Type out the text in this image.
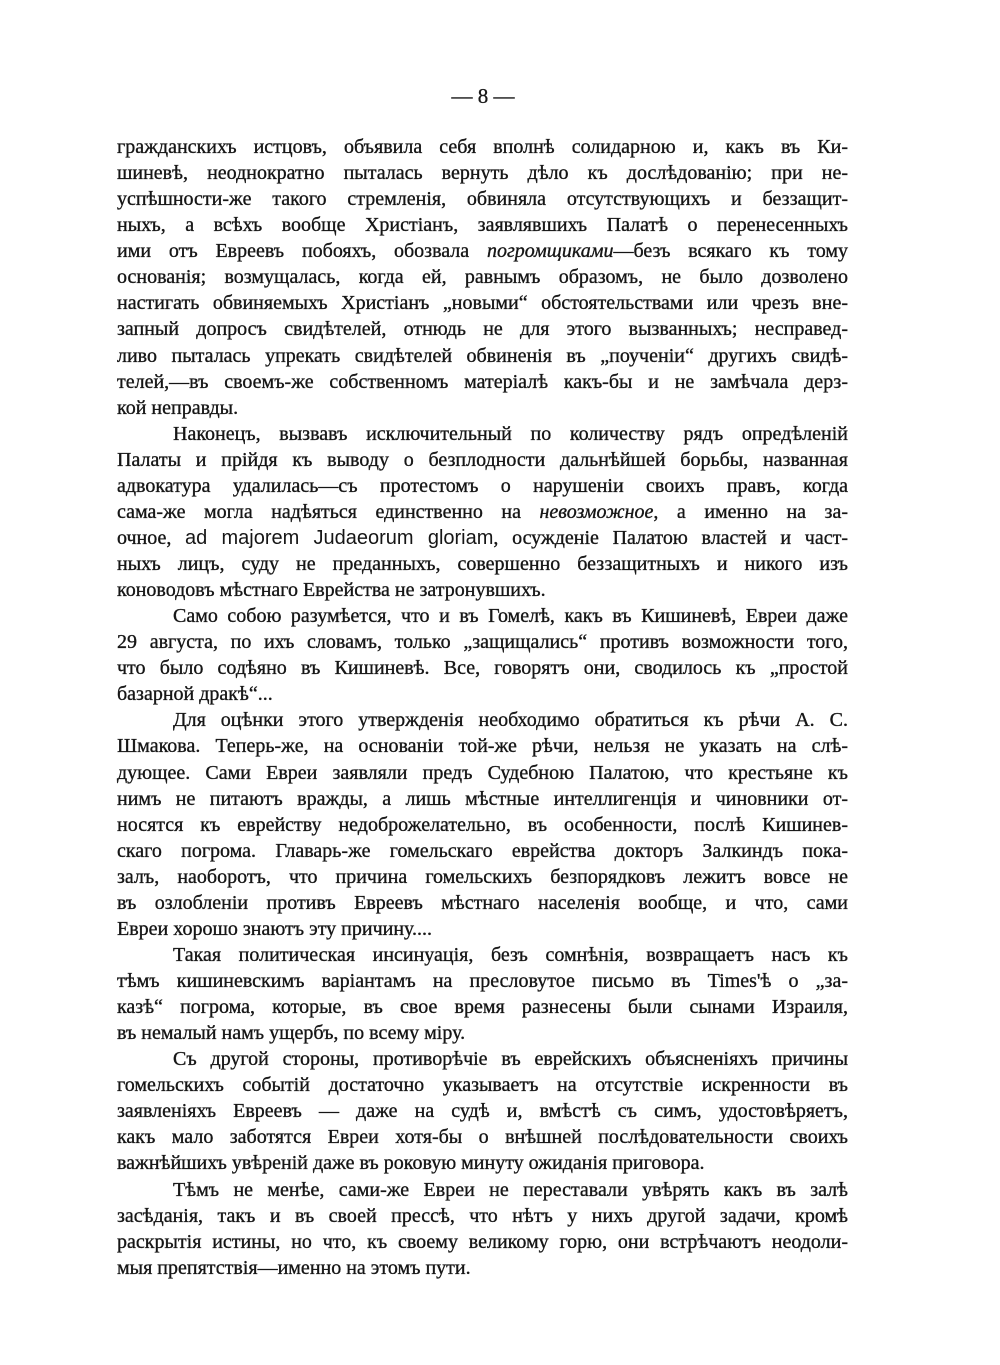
— 8 —
гражданскихъ истцовъ, объявила себя вполнѣ солидарною и, какъ въ Ки-
шиневѣ, неоднократно пыталась вернуть дѣло къ дослѣдованію; при не-
успѣшности-же такого стремленія, обвиняла отсутствующихъ и беззащит-
ныхъ, а всѣхъ вообще Христіанъ, заявлявшихъ Палатѣ о перенесенныхъ
ими отъ Евреевъ побояхъ, обозвала погромщиками—безъ всякаго къ тому
основанія; возмущалась, когда ей, равнымъ образомъ, не было дозволено
настигать обвиняемыхъ Христіанъ „новыми“ обстоятельствами или чрезъ вне-
запный допросъ свидѣтелей, отнюдь не для этого вызванныхъ; несправед-
ливо пыталась упрекать свидѣтелей обвиненія въ „поученіи“ другихъ свидѣ-
телей,—въ своемъ-же собственномъ матеріалѣ какъ-бы и не замѣчала дерз-
кой неправды.
Наконецъ, вызвавъ исключительный по количеству рядъ опредѣленій
Палаты и прійдя къ выводу о безплодности дальнѣйшей борьбы, названная
адвокатура удалилась—съ протестомъ о нарушеніи своихъ правъ, когда
сама-же могла надѣяться единственно на невозможное, а именно на за-
очное, ad majorem Judaeorum gloriam, осужденіе Палатою властей и част-
ныхъ лицъ, суду не преданныхъ, совершенно беззащитныхъ и никого изъ
коноводовъ мѣстнаго Еврейства не затронувшихъ.
Само собою разумѣется, что и въ Гомелѣ, какъ въ Кишиневѣ, Евреи даже
29 августа, по ихъ словамъ, только „защищались“ противъ возможности того,
что было содѣяно въ Кишиневѣ. Все, говорятъ они, сводилось къ „простой
базарной дракѣ“...
Для оцѣнки этого утвержденія необходимо обратиться къ рѣчи А. С.
Шмакова. Теперь-же, на основаніи той-же рѣчи, нельзя не указать на слѣ-
дующее. Сами Евреи заявляли предъ Судебною Палатою, что крестьяне къ
нимъ не питаютъ вражды, а лишь мѣстные интеллигенція и чиновники от-
носятся къ еврейству недоброжелательно, въ особенности, послѣ Кишинев-
скаго погрома. Главарь-же гомельскаго еврейства докторъ Залкиндъ пока-
залъ, наоборотъ, что причина гомельскихъ безпорядковъ лежитъ вовсе не
въ озлобленіи противъ Евреевъ мѣстнаго населенія вообще, и что, сами
Евреи хорошо знаютъ эту причину....
Такая политическая инсинуація, безъ сомнѣнія, возвращаетъ насъ къ
тѣмъ кишиневскимъ варіантамъ на пресловутое письмо въ Times'ѣ о „за-
казѣ“ погрома, которые, въ свое время разнесены были сынами Израиля,
въ немалый намъ ущербъ, по всему міру.
Съ другой стороны, противорѣчіе въ еврейскихъ объясненіяхъ причины
гомельскихъ событій достаточно указываетъ на отсутствіе искренности въ
заявленіяхъ Евреевъ — даже на судѣ и, вмѣстѣ съ симъ, удостовѣряетъ,
какъ мало заботятся Евреи хотя-бы о внѣшней послѣдовательности своихъ
важнѣйшихъ увѣреній даже въ роковую минуту ожиданія приговора.
Тѣмъ не менѣе, сами-же Евреи не переставали увѣрять какъ въ залѣ
засѣданія, такъ и въ своей прессѣ, что нѣтъ у нихъ другой задачи, кромѣ
раскрытія истины, но что, къ своему великому горю, они встрѣчаютъ неодоли-
мыя препятствія—именно на этомъ пути.
